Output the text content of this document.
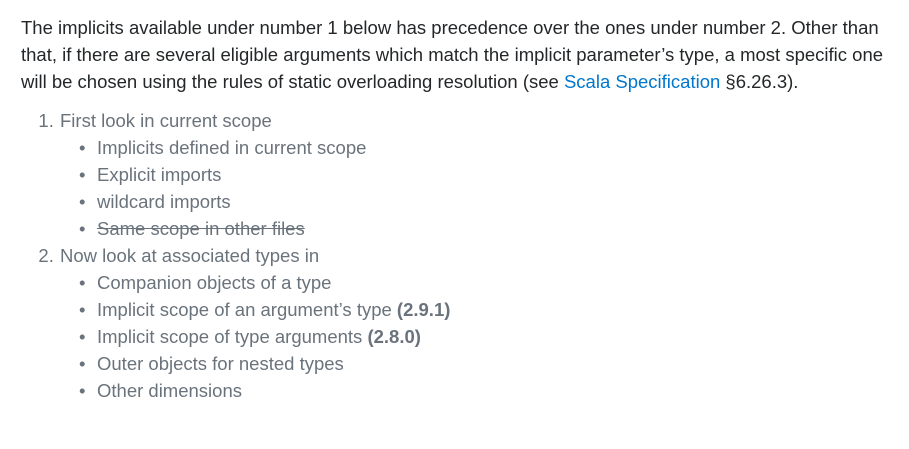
The implicits available under number 1 below has precedence over the ones under number 2. Other than that, if there are several eligible arguments which match the implicit parameter’s type, a most specific one will be chosen using the rules of static overloading resolution (see Scala Specification §6.26.3).

1. First look in current scope
• Implicits defined in current scope
• Explicit imports
• wildcard imports
• Same scope in other files
2. Now look at associated types in
• Companion objects of a type
• Implicit scope of an argument’s type (2.9.1)
• Implicit scope of type arguments (2.8.0)
• Outer objects for nested types
• Other dimensions
